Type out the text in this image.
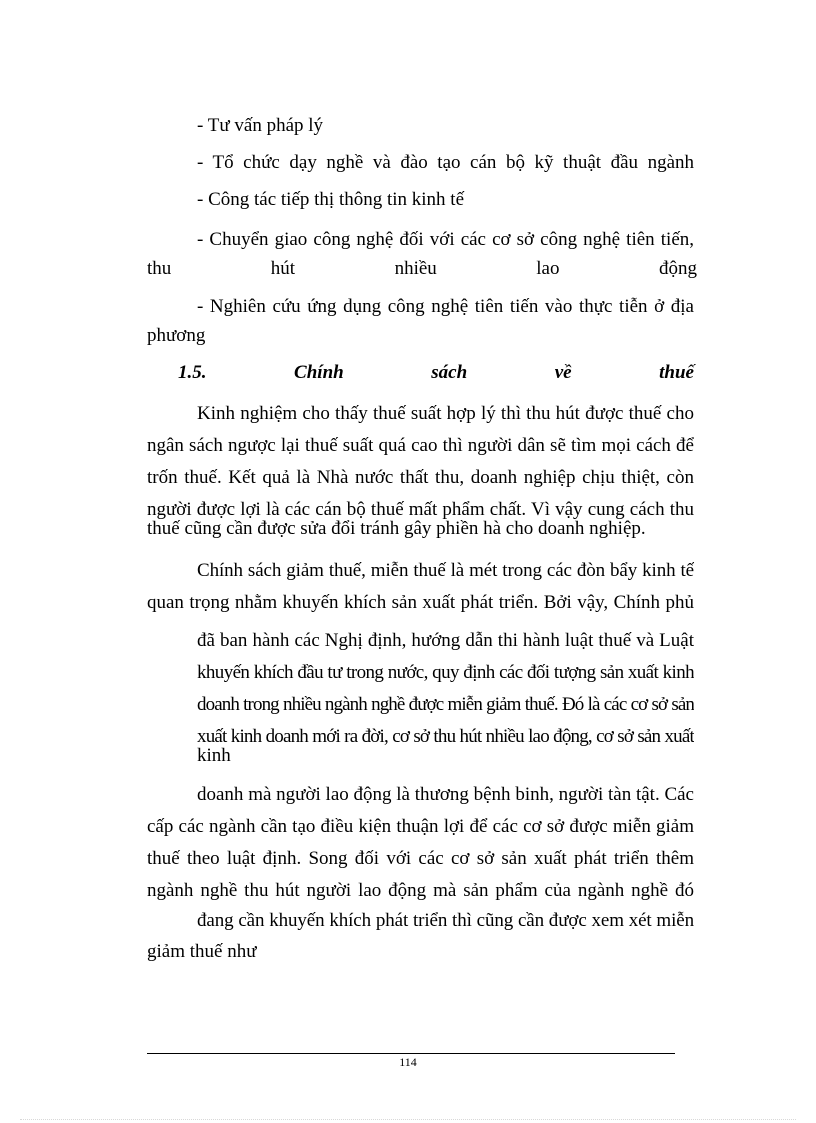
- Tư vấn pháp lý
- Tổ chức dạy nghề và đào tạo cán bộ kỹ thuật đầu ngành
- Công tác tiếp thị thông tin kinh tế
- Chuyển giao công nghệ đối với các cơ sở công nghệ tiên tiến,
thu	hút	nhiều	lao	động
- Nghiên cứu ứng dụng công nghệ tiên tiến vào thực tiễn ở địa
phương
1.5.	Chính	sách	về	thuế
Kinh nghiệm cho thấy thuế suất hợp lý thì thu hút được thuế cho
ngân sách ngược lại thuế suất quá cao thì người dân sẽ tìm mọi cách để
trốn thuế. Kết quả là Nhà nước thất thu, doanh nghiệp chịu thiệt, còn
người được lợi là các cán bộ thuế mất phẩm chất. Vì vậy cung cách thu
thuế cũng cần được sửa đổi tránh gây phiền hà cho doanh nghiệp.
Chính sách giảm thuế, miễn thuế là mét trong các đòn bẩy kinh tế
quan trọng nhằm khuyến khích sản xuất phát triển. Bởi vậy, Chính phủ
đã ban hành các Nghị định, hướng dẫn thi hành luật thuế và Luật
khuyến khích đầu tư trong nước, quy định các đối tượng sản xuất kinh
doanh trong nhiều ngành nghề được miễn giảm thuế. Đó là các cơ sở sản
xuất kinh doanh mới ra đời, cơ sở thu hút nhiều lao động, cơ sở sản xuất
kinh
doanh mà người lao động là thương bệnh binh, người tàn tật. Các
cấp các ngành cần tạo điều kiện thuận lợi để các cơ sở được miễn giảm
thuế theo luật định. Song đối với các cơ sở sản xuất phát triển thêm
ngành nghề thu hút người lao động mà sản phẩm của ngành nghề đó
đang cần khuyến khích phát triển thì cũng cần được xem xét miễn
giảm thuế như
114
